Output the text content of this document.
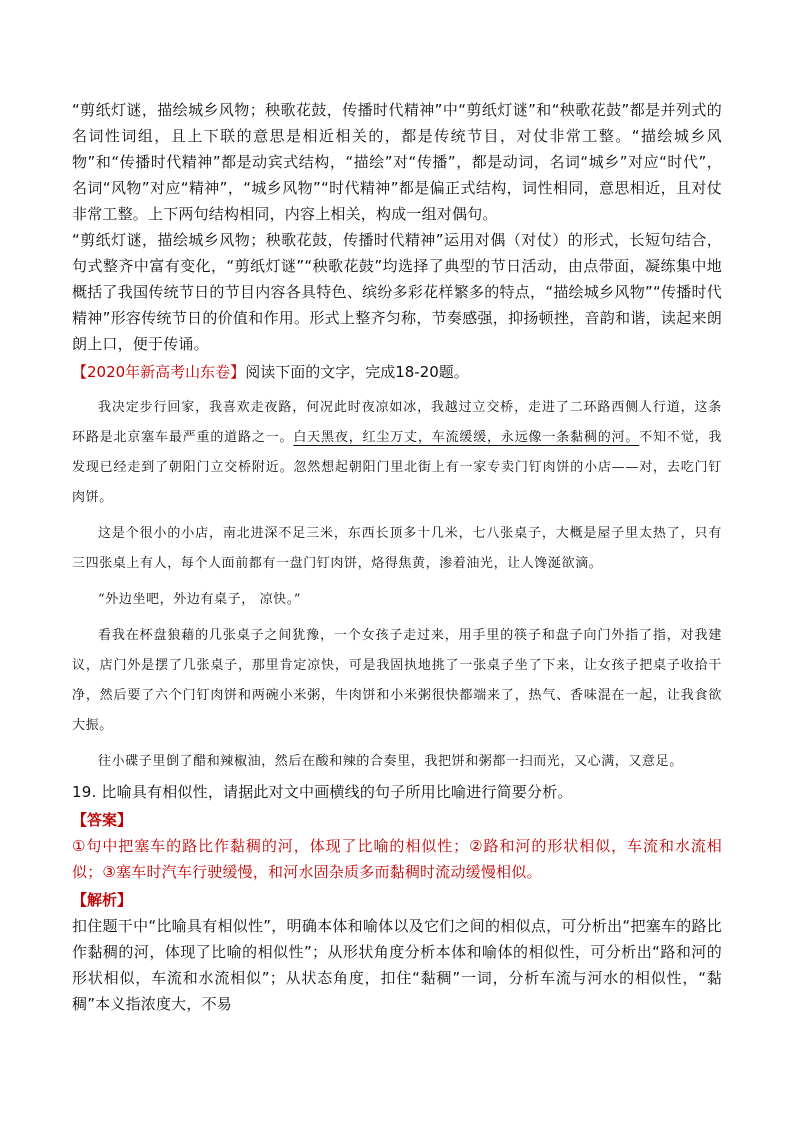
“剪纸灯谜，描绘城乡风物；秧歌花鼓，传播时代精神”中“剪纸灯谜”和“秧歌花鼓”都是并列式的名词性词组，且上下联的意思是相近相关的，都是传统节目，对仗非常工整。“描绘城乡风物”和“传播时代精神”都是动宾式结构，“描绘”对“传播”，都是动词，名词“城乡”对应“时代”，名词“风物”对应“精神”，“城乡风物”“时代精神”都是偏正式结构，词性相同，意思相近，且对仗非常工整。上下两句结构相同，内容上相关，构成一组对偶句。

“剪纸灯谜，描绘城乡风物；秧歌花鼓，传播时代精神”运用对偶（对仗）的形式，长短句结合，句式整齐中富有变化，“剪纸灯谜”“秧歌花鼓”均选择了典型的节日活动，由点带面，凝练集中地概括了我国传统节日的节目内容各具特色、缤纷多彩花样繁多的特点，“描绘城乡风物”“传播时代精神”形容传统节日的价值和作用。形式上整齐匀称，节奏感强，抑扬顿挫，音韵和谐，读起来朗朗上口，便于传诵。

【2020年新高考山东卷】阅读下面的文字，完成18-20题。

我决定步行回家，我喜欢走夜路，何况此时夜凉如冰，我越过立交桥，走进了二环路西侧人行道，这条环路是北京塞车最严重的道路之一。白天黑夜，红尘万丈，车流缓缓，永远像一条黏稠的河。不知不觉，我发现已经走到了朝阳门立交桥附近。忽然想起朝阳门里北街上有一家专卖门钉肉饼的小店——对，去吃门钉肉饼。

这是个很小的小店，南北进深不足三米，东西长顶多十几米，七八张桌子，大概是屋子里太热了，只有三四张桌上有人，每个人面前都有一盘门钉肉饼，烙得焦黄，渗着油光，让人馋涎欲滴。

“外边坐吧，外边有桌子， 凉快。”

看我在杯盘狼藉的几张桌子之间犹豫，一个女孩子走过来，用手里的筷子和盘子向门外指了指，对我建议，店门外是摆了几张桌子，那里肯定凉快，可是我固执地挑了一张桌子坐了下来，让女孩子把桌子收拾干净，然后要了六个门钉肉饼和两碗小米粥，牛肉饼和小米粥很快都端来了，热气、香味混在一起，让我食欲大振。

往小碟子里倒了醋和辣椒油，然后在酸和辣的合奏里，我把饼和粥都一扫而光，又心满，又意足。

19. 比喻具有相似性，请据此对文中画横线的句子所用比喻进行简要分析。

【答案】

①句中把塞车的路比作黏稠的河，体现了比喻的相似性；②路和河的形状相似，车流和水流相似；③塞车时汽车行驶缓慢，和河水固杂质多而黏稠时流动缓慢相似。

【解析】

扣住题干中“比喻具有相似性”，明确本体和喻体以及它们之间的相似点，可分析出“把塞车的路比作黏稠的河，体现了比喻的相似性”；从形状角度分析本体和喻体的相似性，可分析出“路和河的形状相似，车流和水流相似”；从状态角度，扣住“黏稠”一词，分析车流与河水的相似性，“黏稠”本义指浓度大，不易
